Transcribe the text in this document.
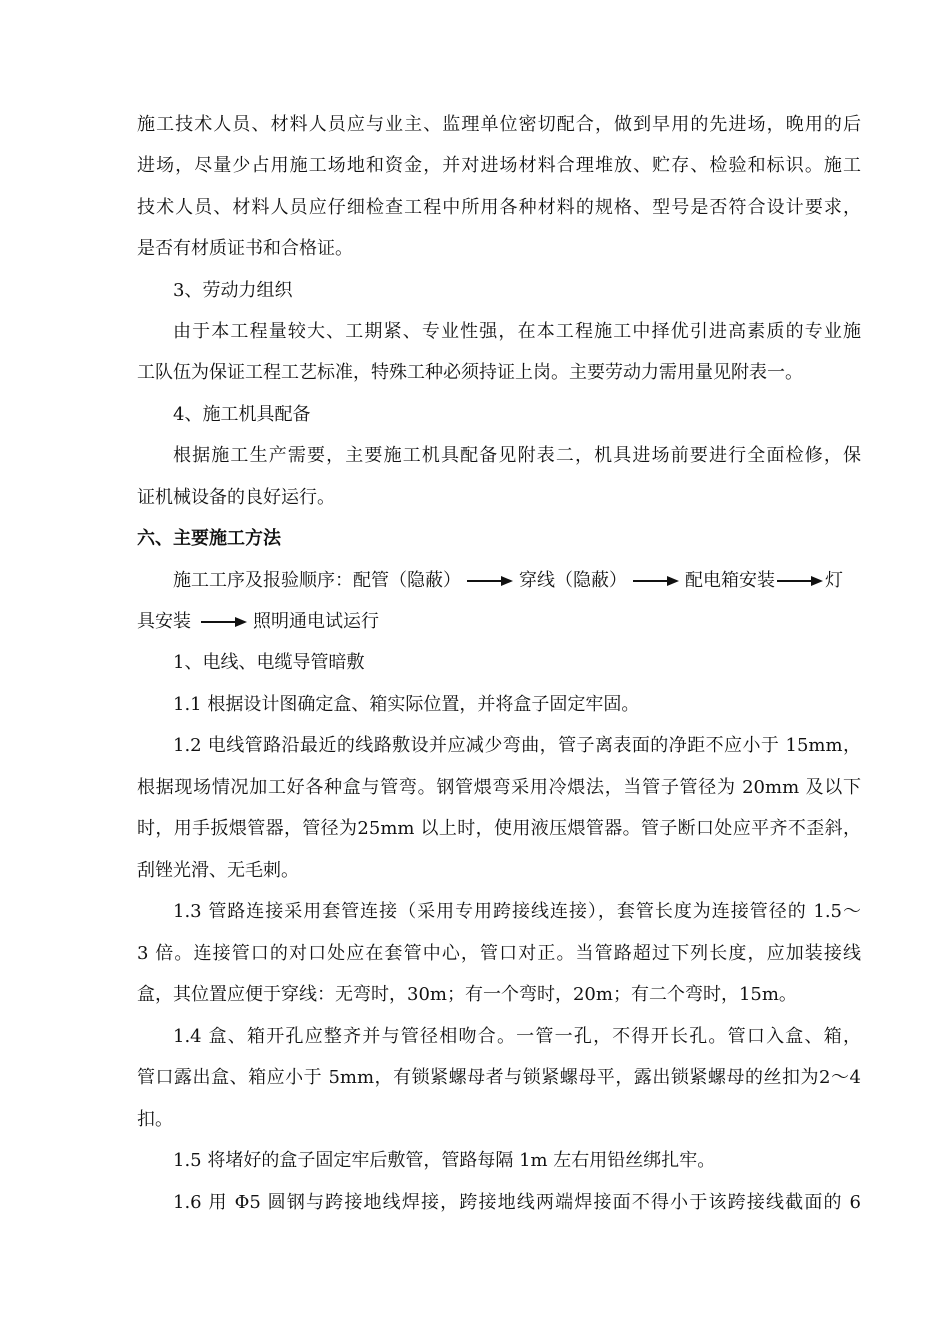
施工技术人员、材料人员应与业主、监理单位密切配合，做到早用的先进场，晚用的后
进场，尽量少占用施工场地和资金，并对进场材料合理堆放、贮存、检验和标识。施工
技术人员、材料人员应仔细检查工程中所用各种材料的规格、型号是否符合设计要求，
是否有材质证书和合格证。
3、劳动力组织
由于本工程量较大、工期紧、专业性强，在本工程施工中择优引进高素质的专业施
工队伍为保证工程工艺标准，特殊工种必须持证上岗。主要劳动力需用量见附表一。
4、施工机具配备
根据施工生产需要，主要施工机具配备见附表二，机具进场前要进行全面检修，保
证机械设备的良好运行。
六、主要施工方法
施工工序及报验顺序：配管（隐蔽）	穿线（隐蔽）	配电箱安装	灯
具安装	照明通电试运行
1、电线、电缆导管暗敷
1.1 根据设计图确定盒、箱实际位置，并将盒子固定牢固。
1.2 电线管路沿最近的线路敷设并应减少弯曲，管子离表面的净距不应小于 15mm，
根据现场情况加工好各种盒与管弯。钢管煨弯采用冷煨法，当管子管径为 20mm 及以下
时，用手扳煨管器，管径为25mm 以上时，使用液压煨管器。管子断口处应平齐不歪斜，
刮锉光滑、无毛刺。
1.3 管路连接采用套管连接（采用专用跨接线连接），套管长度为连接管径的 1.5～
3 倍。连接管口的对口处应在套管中心，管口对正。当管路超过下列长度，应加装接线
盒，其位置应便于穿线：无弯时，30m；有一个弯时，20m；有二个弯时，15m。
1.4 盒、箱开孔应整齐并与管径相吻合。一管一孔，不得开长孔。管口入盒、箱，
管口露出盒、箱应小于 5mm，有锁紧螺母者与锁紧螺母平，露出锁紧螺母的丝扣为2～4
扣。
1.5 将堵好的盒子固定牢后敷管，管路每隔 1m 左右用铅丝绑扎牢。
1.6 用 Φ5 圆钢与跨接地线焊接，跨接地线两端焊接面不得小于该跨接线截面的 6
